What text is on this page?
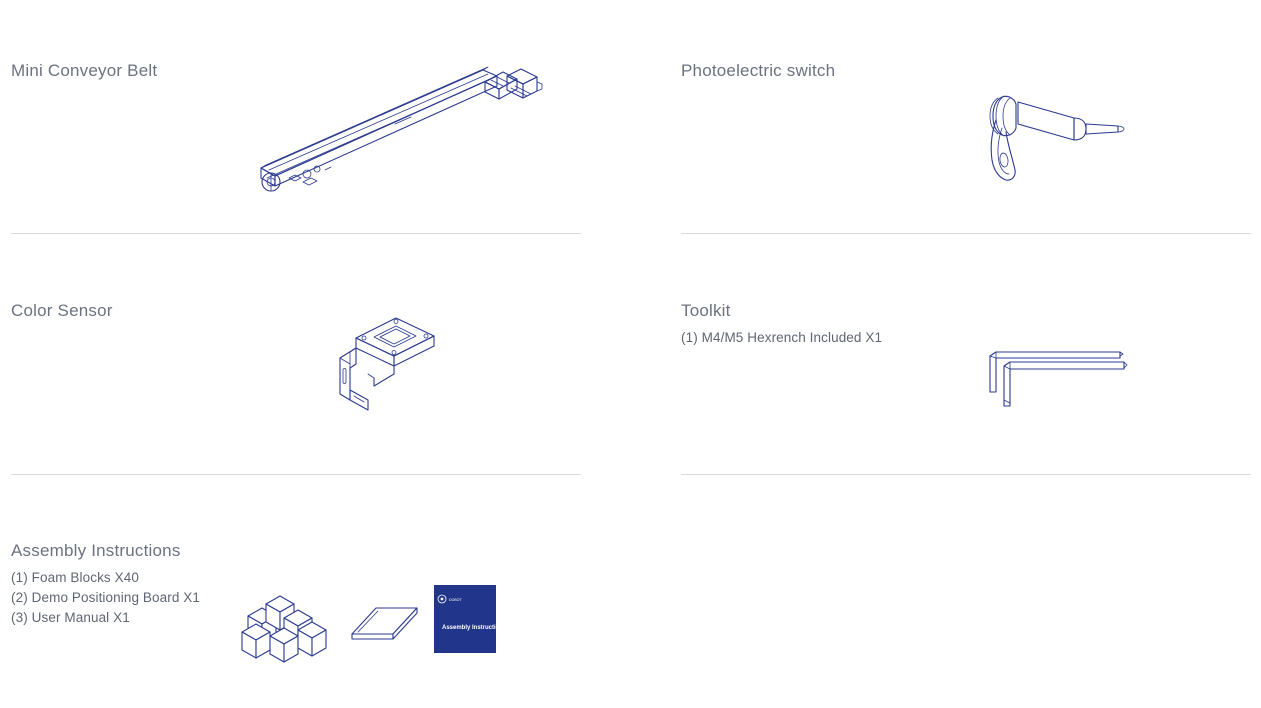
Mini Conveyor Belt	Photoelectric switch
Color Sensor	Toolkit
(1) M4/M5 Hexrench Included X1
Assembly Instructions
(1) Foam Blocks X40
(2) Demo Positioning Board X1
(3) User Manual X1
DOBOT
Assembly Instructions
